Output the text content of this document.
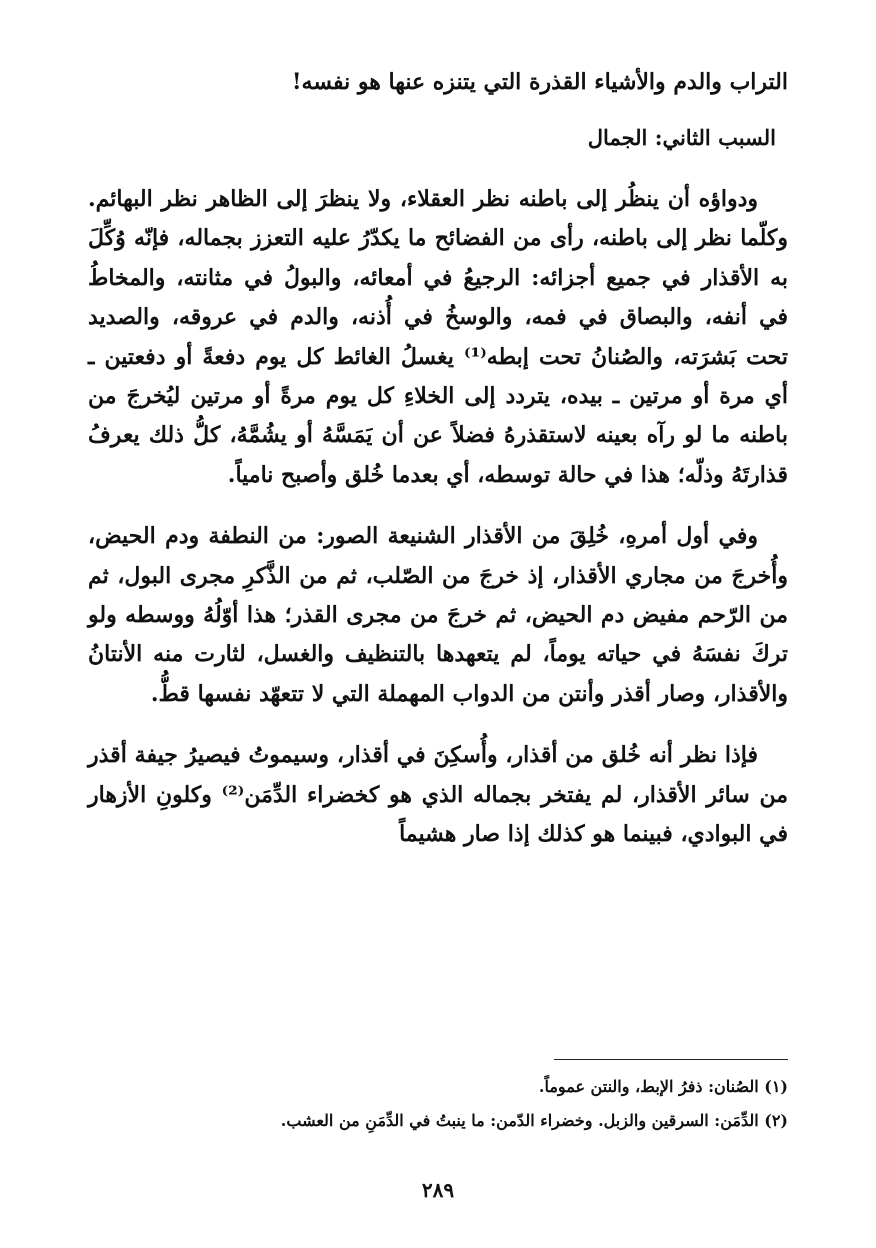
التراب والدم والأشياء القذرة التي يتنزه عنها هو نفسه!

السبب الثاني: الجمال

ودواؤه أن ينظُر إلى باطنه نظر العقلاء، ولا ينظرَ إلى الظاهر نظر البهائم. وكلّما نظر إلى باطنه، رأى من الفضائح ما يكدّرُ عليه التعزز بجماله، فإنّه وُكِّلَ به الأقذار في جميع أجزائه: الرجيعُ في أمعائه، والبولُ في مثانته، والمخاطُ في أنفه، والبصاق في فمه، والوسخُ في أُذنه، والدم في عروقه، والصديد تحت بَشرَته، والصُنانُ تحت إبطه⁽¹⁾ يغسلُ الغائط كل يوم دفعةً أو دفعتين ـ أي مرة أو مرتين ـ بيده، يتردد إلى الخلاءِ كل يوم مرةً أو مرتين ليُخرجَ من باطنه ما لو رآه بعينه لاستقذرهُ فضلاً عن أن يَمَسَّهُ أو يشُمَّهُ، كلُّ ذلك يعرفُ قذارتَهُ وذلّه؛ هذا في حالة توسطه، أي بعدما خُلق وأصبح نامياً.

وفي أول أمرهِ، خُلِقَ من الأقذار الشنيعة الصور: من النطفة ودم الحيض، وأُخرجَ من مجاري الأقذار، إذ خرجَ من الصّلب، ثم من الذَّكرِ مجرى البول، ثم من الرّحم مفيض دم الحيض، ثم خرجَ من مجرى القذر؛ هذا أوّلُهُ ووسطه ولو تركَ نفسَهُ في حياته يوماً، لم يتعهدها بالتنظيف والغسل، لثارت منه الأنتانُ والأقذار، وصار أقذر وأنتن من الدواب المهملة التي لا تتعهّد نفسها قطُّ.

فإذا نظر أنه خُلق من أقذار، وأُسكِنَ في أقذار، وسيموتُ فيصيرُ جيفة أقذر من سائر الأقذار، لم يفتخر بجماله الذي هو كخضراء الدِّمَن⁽²⁾ وكلونِ الأزهار في البوادي، فبينما هو كذلك إذا صار هشيماً

(١) الصُنان: ذفرُ الإبط، والنتن عموماً.

(٢) الدِّمَن: السرقين والزبل. وخضراء الدّمن: ما ينبتُ في الدِّمَنِ من العشب.

٢٨٩
